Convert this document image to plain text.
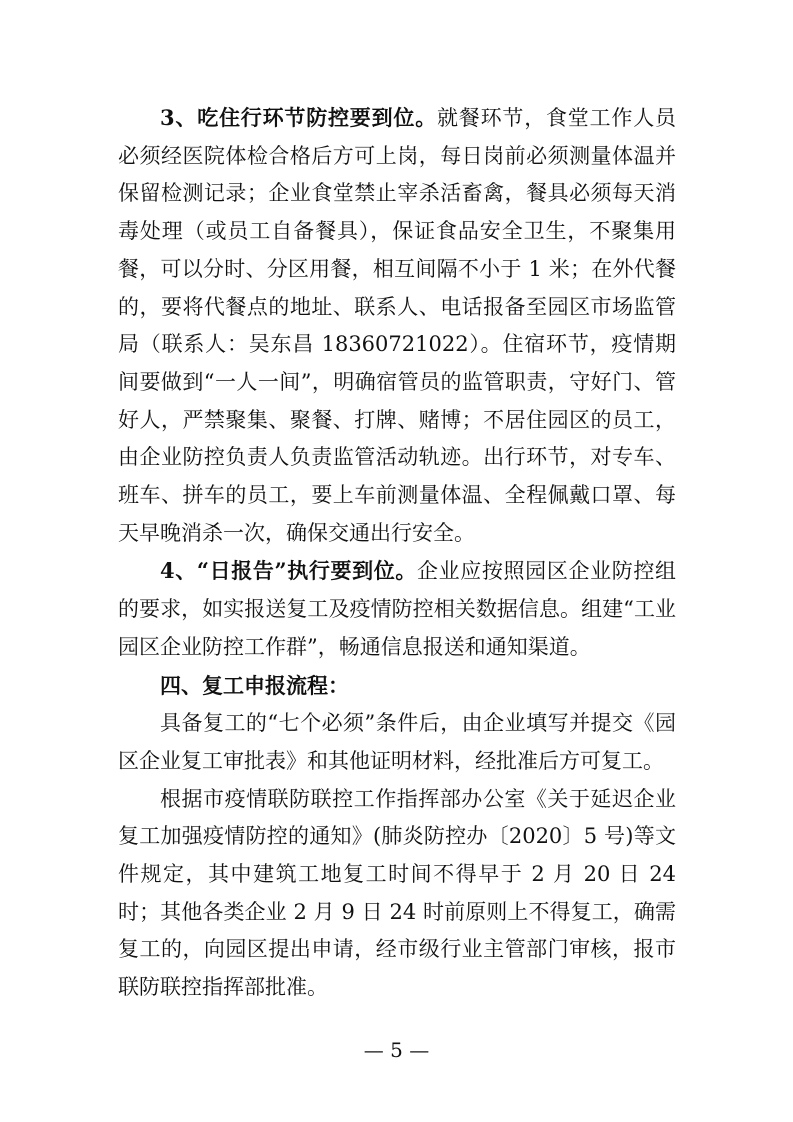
3、吃住行环节防控要到位。就餐环节，食堂工作人员必须经医院体检合格后方可上岗，每日岗前必须测量体温并保留检测记录；企业食堂禁止宰杀活畜禽，餐具必须每天消毒处理（或员工自备餐具），保证食品安全卫生，不聚集用餐，可以分时、分区用餐，相互间隔不小于 1 米；在外代餐的，要将代餐点的地址、联系人、电话报备至园区市场监管局（联系人：吴东昌 18360721022）。住宿环节，疫情期间要做到“一人一间”，明确宿管员的监管职责，守好门、管好人，严禁聚集、聚餐、打牌、赌博；不居住园区的员工，由企业防控负责人负责监管活动轨迹。出行环节，对专车、班车、拼车的员工，要上车前测量体温、全程佩戴口罩、每天早晚消杀一次，确保交通出行安全。

4、“日报告”执行要到位。企业应按照园区企业防控组的要求，如实报送复工及疫情防控相关数据信息。组建“工业园区企业防控工作群”，畅通信息报送和通知渠道。

四、复工申报流程：

具备复工的“七个必须”条件后，由企业填写并提交《园区企业复工审批表》和其他证明材料，经批准后方可复工。

根据市疫情联防联控工作指挥部办公室《关于延迟企业复工加强疫情防控的通知》(肺炎防控办〔2020〕5 号)等文件规定，其中建筑工地复工时间不得早于 2 月 20 日 24 时；其他各类企业 2 月 9 日 24 时前原则上不得复工，确需复工的，向园区提出申请，经市级行业主管部门审核，报市联防联控指挥部批准。

— 5 —
